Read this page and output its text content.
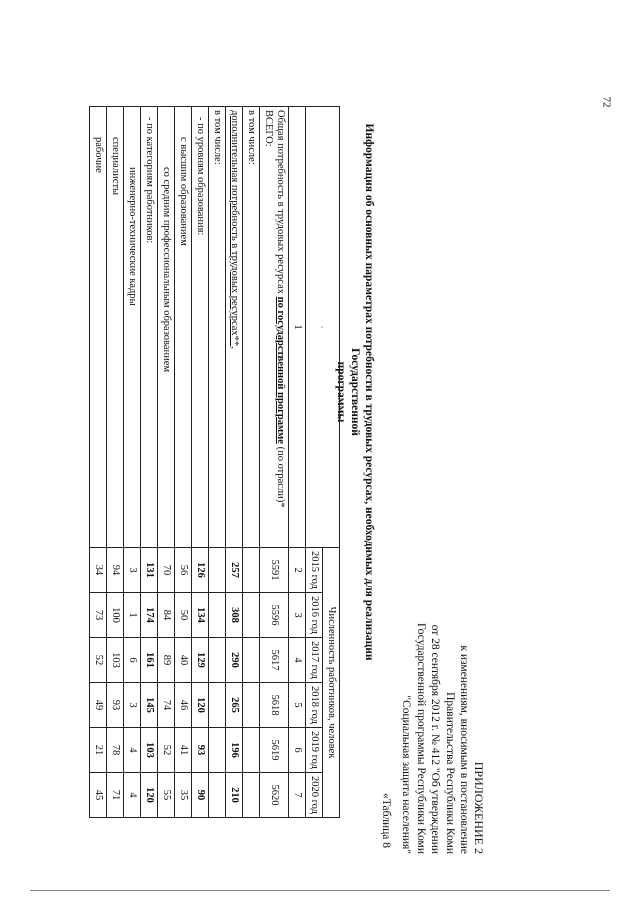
72
ПРИЛОЖЕНИЕ 2
к изменениям, вносимым в постановление
Правительства Республики Коми
от 28 сентября 2012 г. № 412 "Об утверждении
Государственной программы Республики Коми
"Социальная защита населения"
«Таблица 8
Информация об основных параметрах потребности в трудовых ресурсах, необходимых для реализации Государственной
программы
·	Численность работников, человек					
	2015 год	2016 год	2017 год	2018 год	2019 год	2020 год
1	2	3	4	5	6	7
Общая потребность в трудовых ресурсах по государственной программе (по отрасли)* ВСЕГО:	5591	5596	5617	5618	5619	5620
в том числе:						
дополнительная потребность в трудовых ресурсах**,	257	308	290	265	196	210
в том числе:						
- по уровням образования:	126	134	129	120	93	90
с высшим образованием	56	50	40	46	41	35
со средним профессиональным образованием	70	84	89	74	52	55
- по категориям работников:	131	174	161	145	103	120
инженерно-технические кадры	3	1	6	3	4	4
специалисты	94	100	103	93	78	71
рабочие	34	73	52	49	21	45
